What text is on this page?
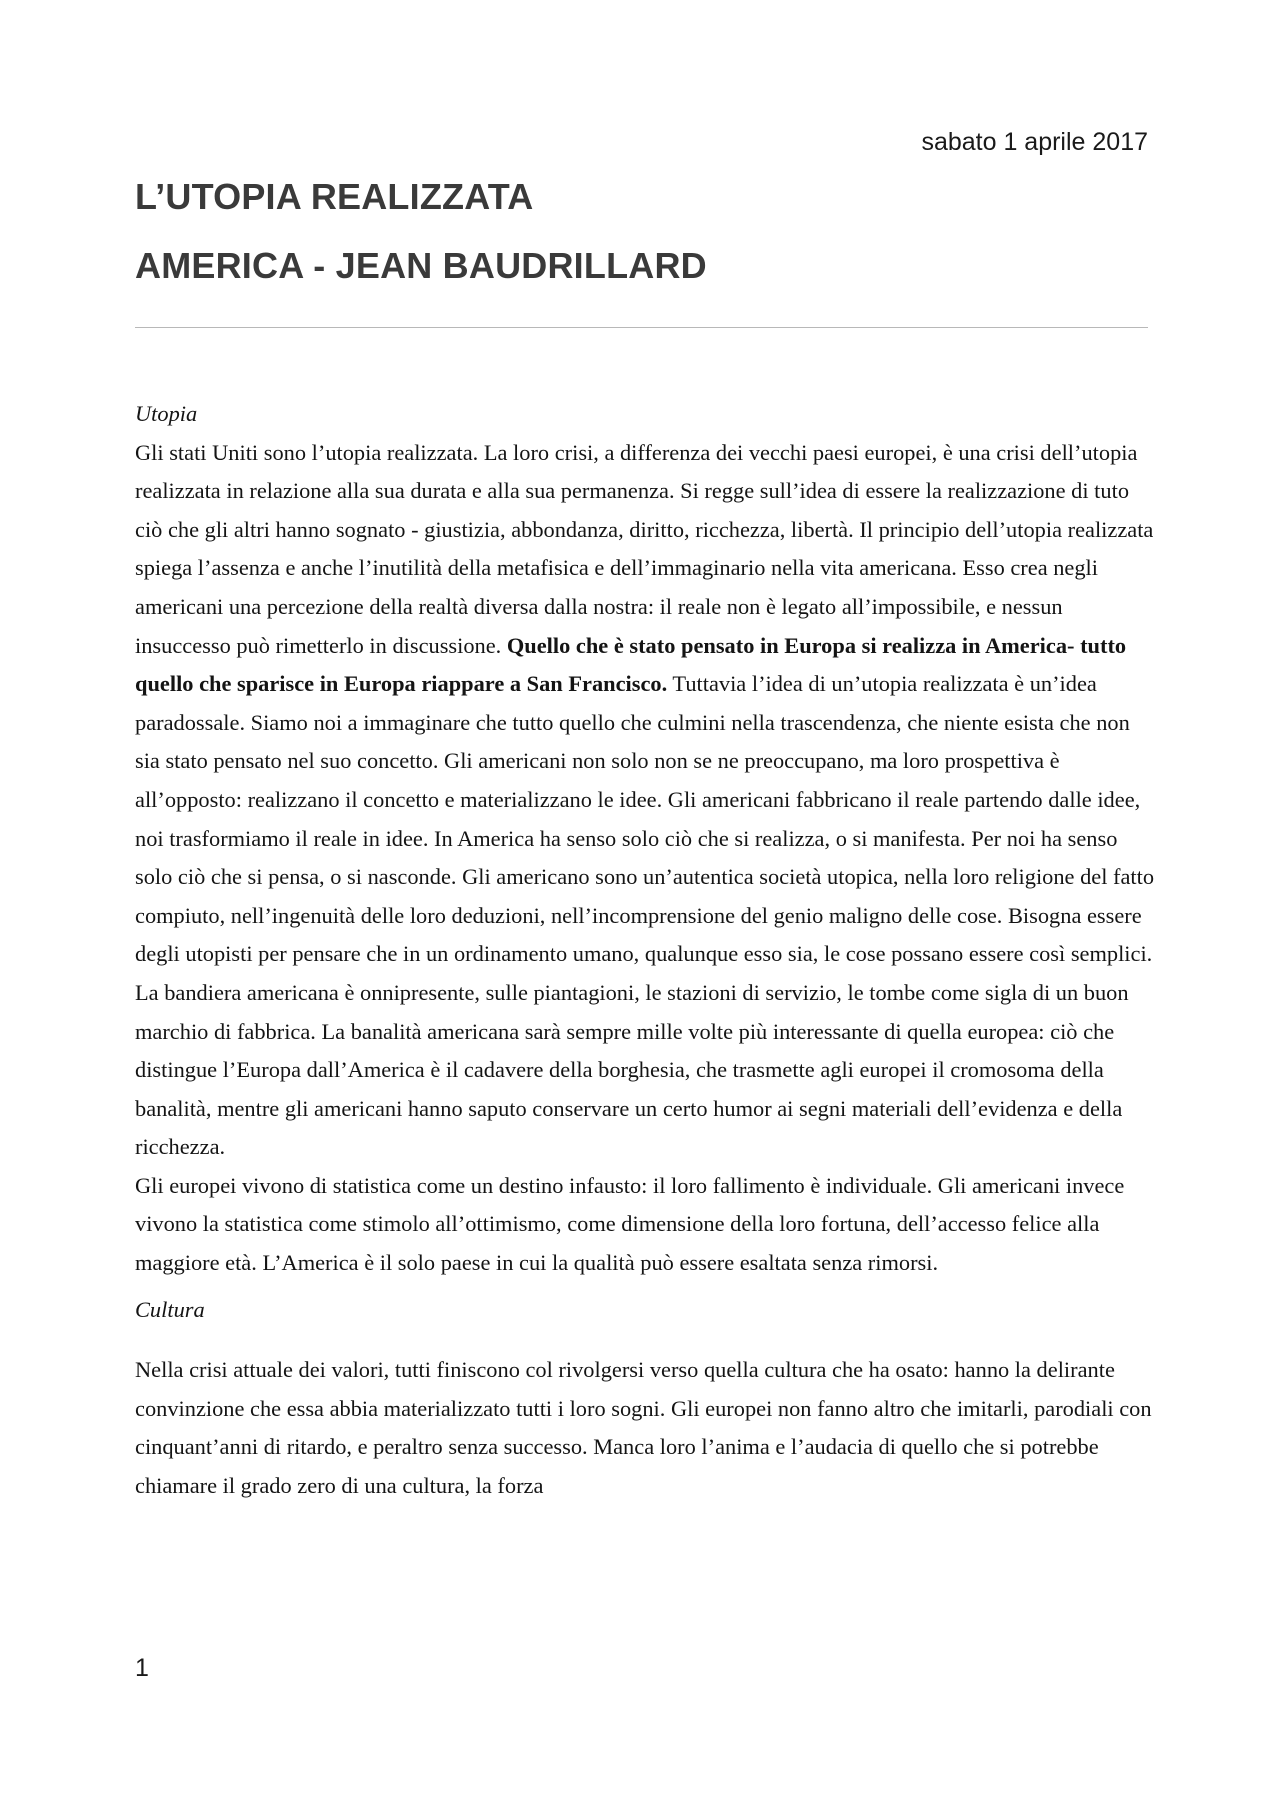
sabato 1 aprile 2017

L’UTOPIA REALIZZATA
AMERICA - JEAN BAUDRILLARD

Utopia

Gli stati Uniti sono l’utopia realizzata. La loro crisi, a differenza dei vecchi paesi europei, è una crisi dell’utopia realizzata in relazione alla sua durata e alla sua permanenza. Si regge sull’idea di essere la realizzazione di tuto ciò che gli altri hanno sognato - giustizia, abbondanza, diritto, ricchezza, libertà. Il principio dell’utopia realizzata spiega l’assenza e anche l’inutilità della metafisica e dell’immaginario nella vita americana. Esso crea negli americani una percezione della realtà diversa dalla nostra: il reale non è legato all’impossibile, e nessun insuccesso può rimetterlo in discussione. Quello che è stato pensato in Europa si realizza in America- tutto quello che sparisce in Europa riappare a San Francisco. Tuttavia l’idea di un’utopia realizzata è un’idea paradossale. Siamo noi a immaginare che tutto quello che culmini nella trascendenza, che niente esista che non sia stato pensato nel suo concetto. Gli americani non solo non se ne preoccupano, ma loro prospettiva è all’opposto: realizzano il concetto e materializzano le idee. Gli americani fabbricano il reale partendo dalle idee, noi trasformiamo il reale in idee. In America ha senso solo ciò che si realizza, o si manifesta. Per noi ha senso solo ciò che si pensa, o si nasconde. Gli americano sono un’autentica società utopica, nella loro religione del fatto compiuto, nell’ingenuità delle loro deduzioni, nell’incomprensione del genio maligno delle cose. Bisogna essere degli utopisti per pensare che in un ordinamento umano, qualunque esso sia, le cose possano essere così semplici. La bandiera americana è onnipresente, sulle piantagioni, le stazioni di servizio, le tombe come sigla di un buon marchio di fabbrica. La banalità americana sarà sempre mille volte più interessante di quella europea: ciò che distingue l’Europa dall’America è il cadavere della borghesia, che trasmette agli europei il cromosoma della banalità, mentre gli americani hanno saputo conservare un certo humor ai segni materiali dell’evidenza e della ricchezza.

Gli europei vivono di statistica come un destino infausto: il loro fallimento è individuale. Gli americani invece vivono la statistica come stimolo all’ottimismo, come dimensione della loro fortuna, dell’accesso felice alla maggiore età. L’America è il solo paese in cui la qualità può essere esaltata senza rimorsi.

Cultura

Nella crisi attuale dei valori, tutti finiscono col rivolgersi verso quella cultura che ha osato: hanno la delirante convinzione che essa abbia materializzato tutti i loro sogni. Gli europei non fanno altro che imitarli, parodiali con cinquant’anni di ritardo, e peraltro senza successo. Manca loro l’anima e l’audacia di quello che si potrebbe chiamare il grado zero di una cultura, la forza

1
